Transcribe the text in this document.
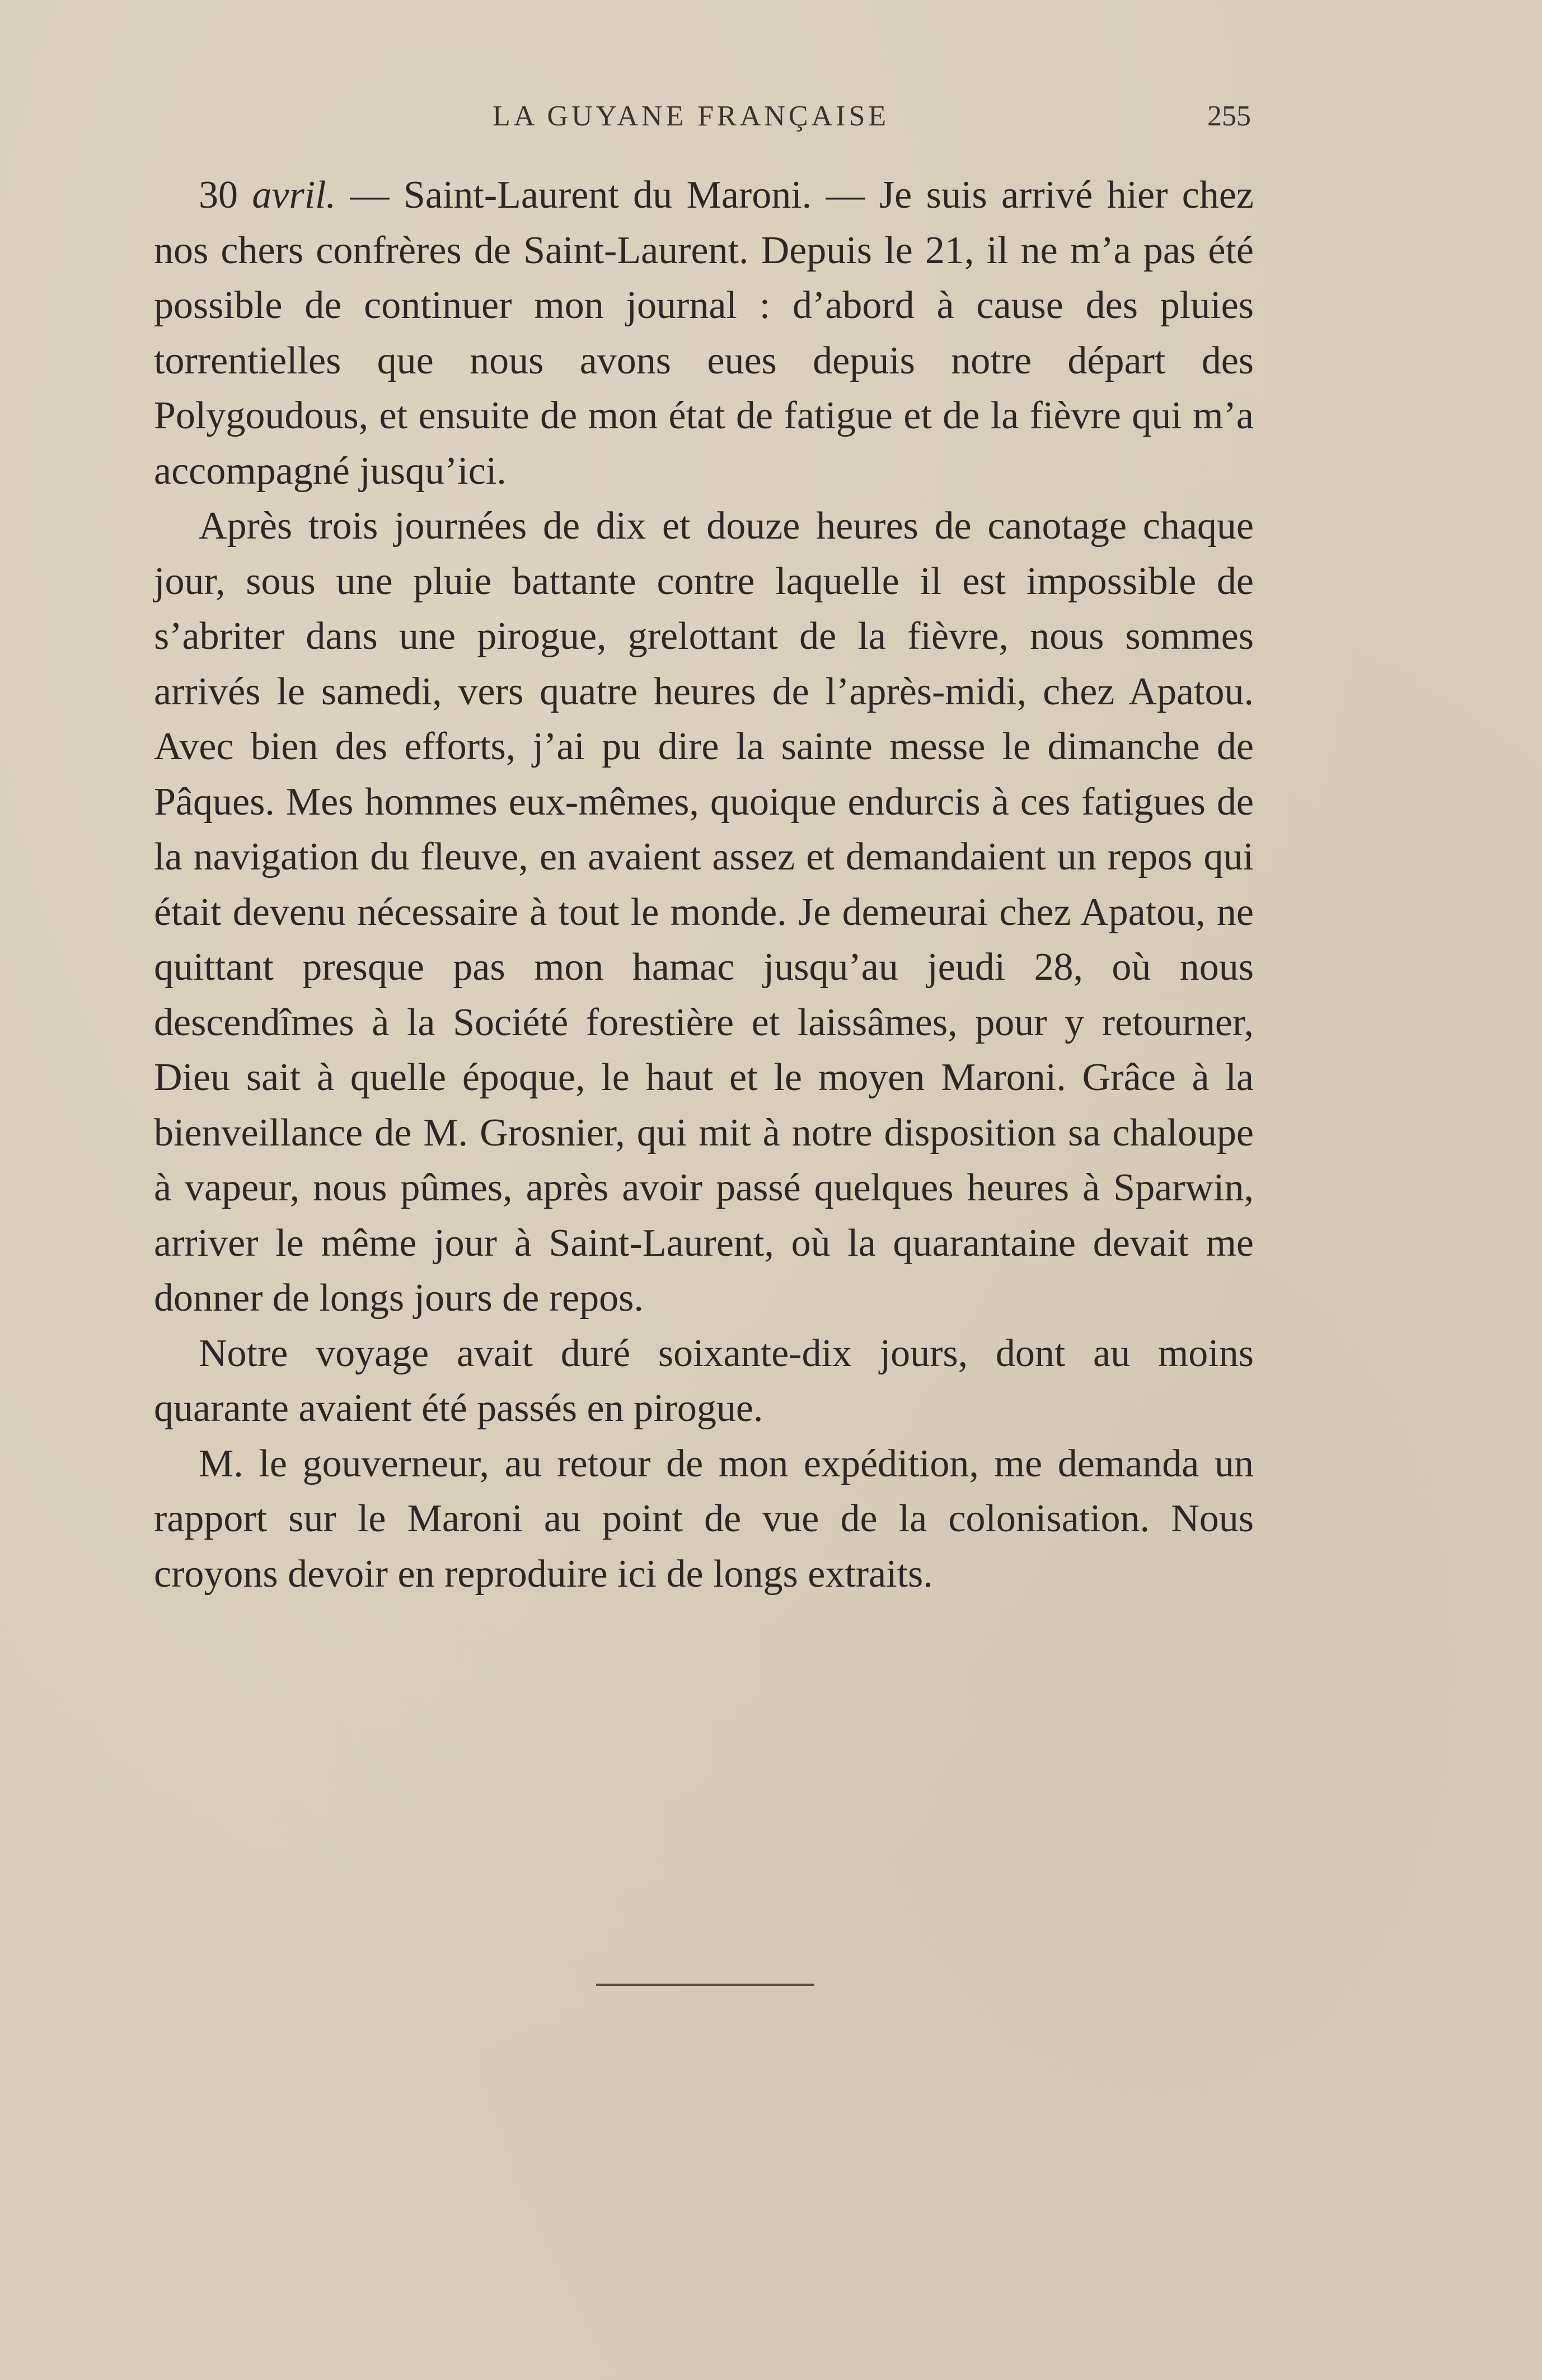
LA GUYANE FRANÇAISE	255

30 avril. — Saint-Laurent du Maroni. — Je suis arrivé hier chez nos chers confrères de Saint-Laurent. Depuis le 21, il ne m’a pas été possible de continuer mon journal : d’abord à cause des pluies torrentielles que nous avons eues depuis notre départ des Polygoudous, et ensuite de mon état de fatigue et de la fièvre qui m’a accompagné jusqu’ici.

Après trois journées de dix et douze heures de canotage chaque jour, sous une pluie battante contre laquelle il est impossible de s’abriter dans une pirogue, grelottant de la fièvre, nous sommes arrivés le samedi, vers quatre heures de l’après-midi, chez Apatou. Avec bien des efforts, j’ai pu dire la sainte messe le dimanche de Pâques. Mes hommes eux-mêmes, quoique endurcis à ces fatigues de la navigation du fleuve, en avaient assez et demandaient un repos qui était devenu nécessaire à tout le monde. Je demeurai chez Apatou, ne quittant presque pas mon hamac jusqu’au jeudi 28, où nous descendîmes à la Société forestière et laissâmes, pour y retourner, Dieu sait à quelle époque, le haut et le moyen Maroni. Grâce à la bienveillance de M. Grosnier, qui mit à notre disposition sa chaloupe à vapeur, nous pûmes, après avoir passé quelques heures à Sparwin, arriver le même jour à Saint-Laurent, où la quarantaine devait me donner de longs jours de repos.

Notre voyage avait duré soixante-dix jours, dont au moins quarante avaient été passés en pirogue.

M. le gouverneur, au retour de mon expédition, me demanda un rapport sur le Maroni au point de vue de la colonisation. Nous croyons devoir en reproduire ici de longs extraits.
